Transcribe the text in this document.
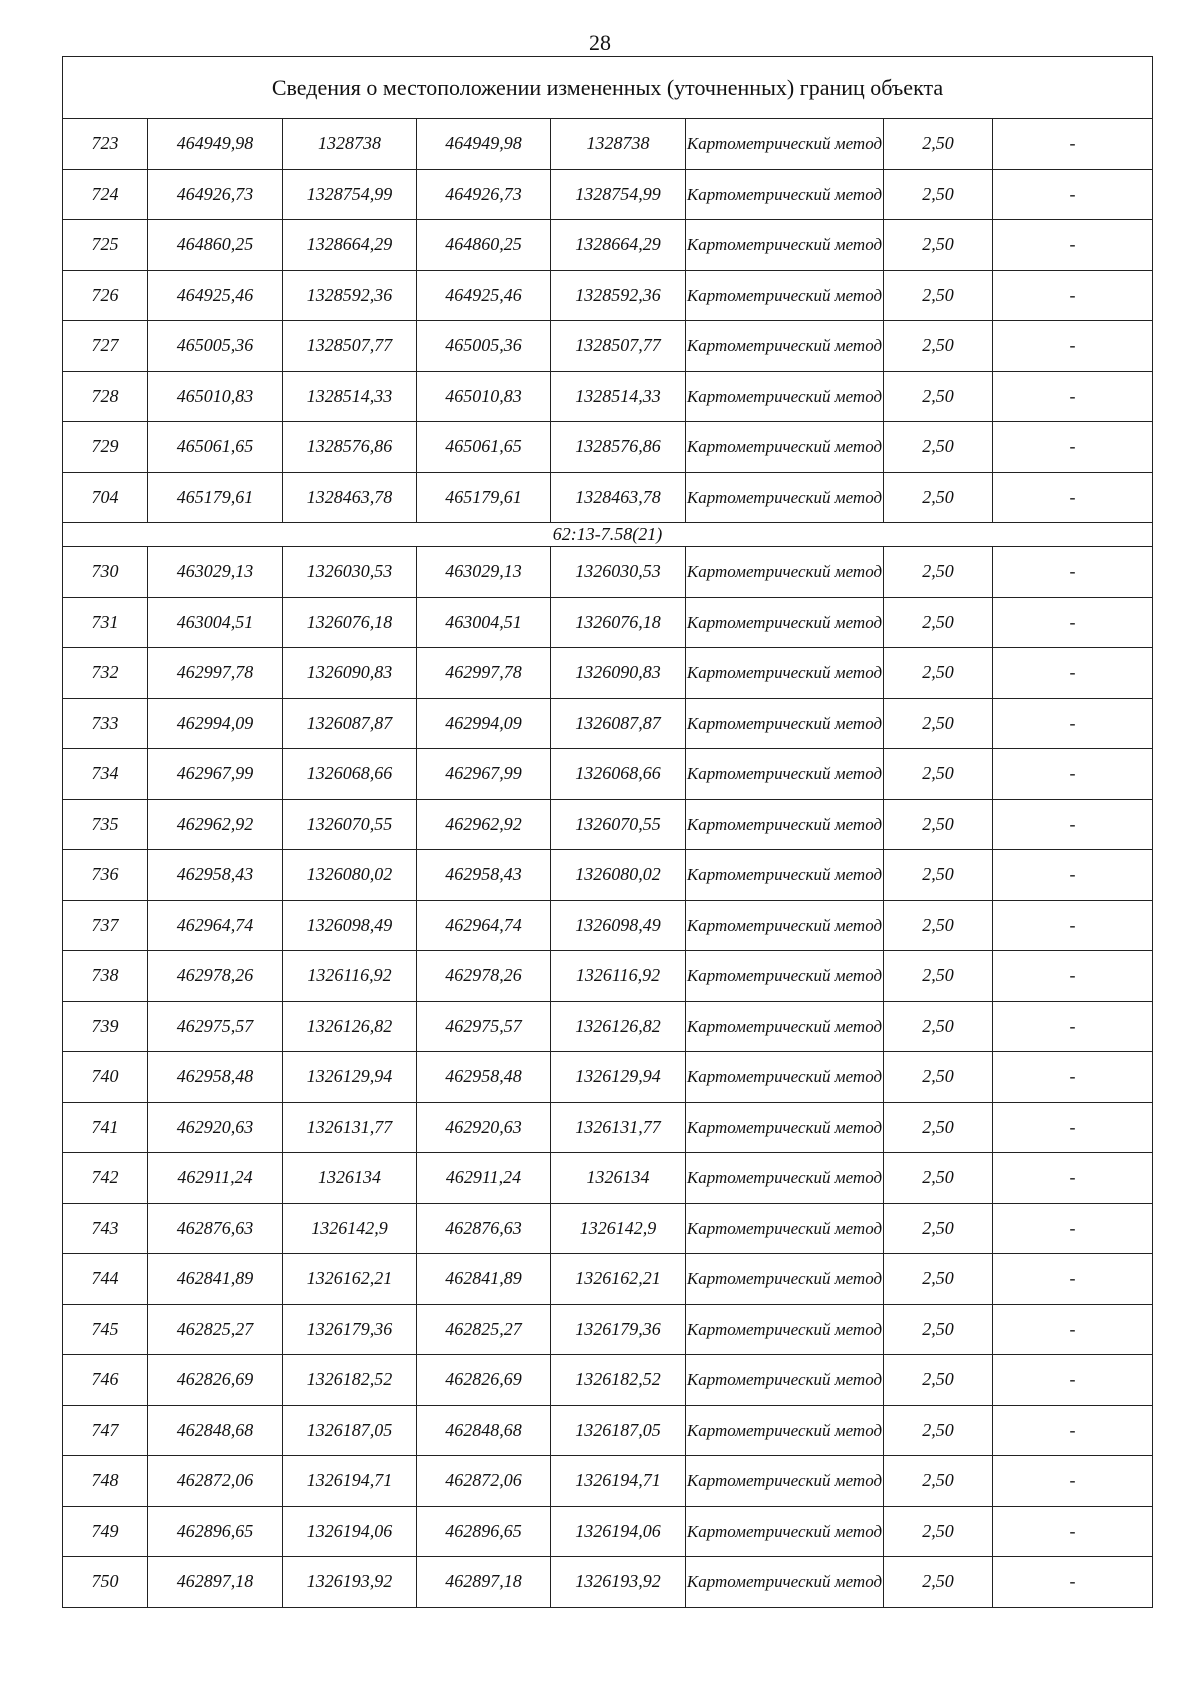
28
Сведения о местоположении измененных (уточненных) границ объекта							
723	464949,98	1328738	464949,98	1328738	Картометрический метод	2,50	-
724	464926,73	1328754,99	464926,73	1328754,99	Картометрический метод	2,50	-
725	464860,25	1328664,29	464860,25	1328664,29	Картометрический метод	2,50	-
726	464925,46	1328592,36	464925,46	1328592,36	Картометрический метод	2,50	-
727	465005,36	1328507,77	465005,36	1328507,77	Картометрический метод	2,50	-
728	465010,83	1328514,33	465010,83	1328514,33	Картометрический метод	2,50	-
729	465061,65	1328576,86	465061,65	1328576,86	Картометрический метод	2,50	-
704	465179,61	1328463,78	465179,61	1328463,78	Картометрический метод	2,50	-
62:13-7.58(21)							
730	463029,13	1326030,53	463029,13	1326030,53	Картометрический метод	2,50	-
731	463004,51	1326076,18	463004,51	1326076,18	Картометрический метод	2,50	-
732	462997,78	1326090,83	462997,78	1326090,83	Картометрический метод	2,50	-
733	462994,09	1326087,87	462994,09	1326087,87	Картометрический метод	2,50	-
734	462967,99	1326068,66	462967,99	1326068,66	Картометрический метод	2,50	-
735	462962,92	1326070,55	462962,92	1326070,55	Картометрический метод	2,50	-
736	462958,43	1326080,02	462958,43	1326080,02	Картометрический метод	2,50	-
737	462964,74	1326098,49	462964,74	1326098,49	Картометрический метод	2,50	-
738	462978,26	1326116,92	462978,26	1326116,92	Картометрический метод	2,50	-
739	462975,57	1326126,82	462975,57	1326126,82	Картометрический метод	2,50	-
740	462958,48	1326129,94	462958,48	1326129,94	Картометрический метод	2,50	-
741	462920,63	1326131,77	462920,63	1326131,77	Картометрический метод	2,50	-
742	462911,24	1326134	462911,24	1326134	Картометрический метод	2,50	-
743	462876,63	1326142,9	462876,63	1326142,9	Картометрический метод	2,50	-
744	462841,89	1326162,21	462841,89	1326162,21	Картометрический метод	2,50	-
745	462825,27	1326179,36	462825,27	1326179,36	Картометрический метод	2,50	-
746	462826,69	1326182,52	462826,69	1326182,52	Картометрический метод	2,50	-
747	462848,68	1326187,05	462848,68	1326187,05	Картометрический метод	2,50	-
748	462872,06	1326194,71	462872,06	1326194,71	Картометрический метод	2,50	-
749	462896,65	1326194,06	462896,65	1326194,06	Картометрический метод	2,50	-
750	462897,18	1326193,92	462897,18	1326193,92	Картометрический метод	2,50	-
